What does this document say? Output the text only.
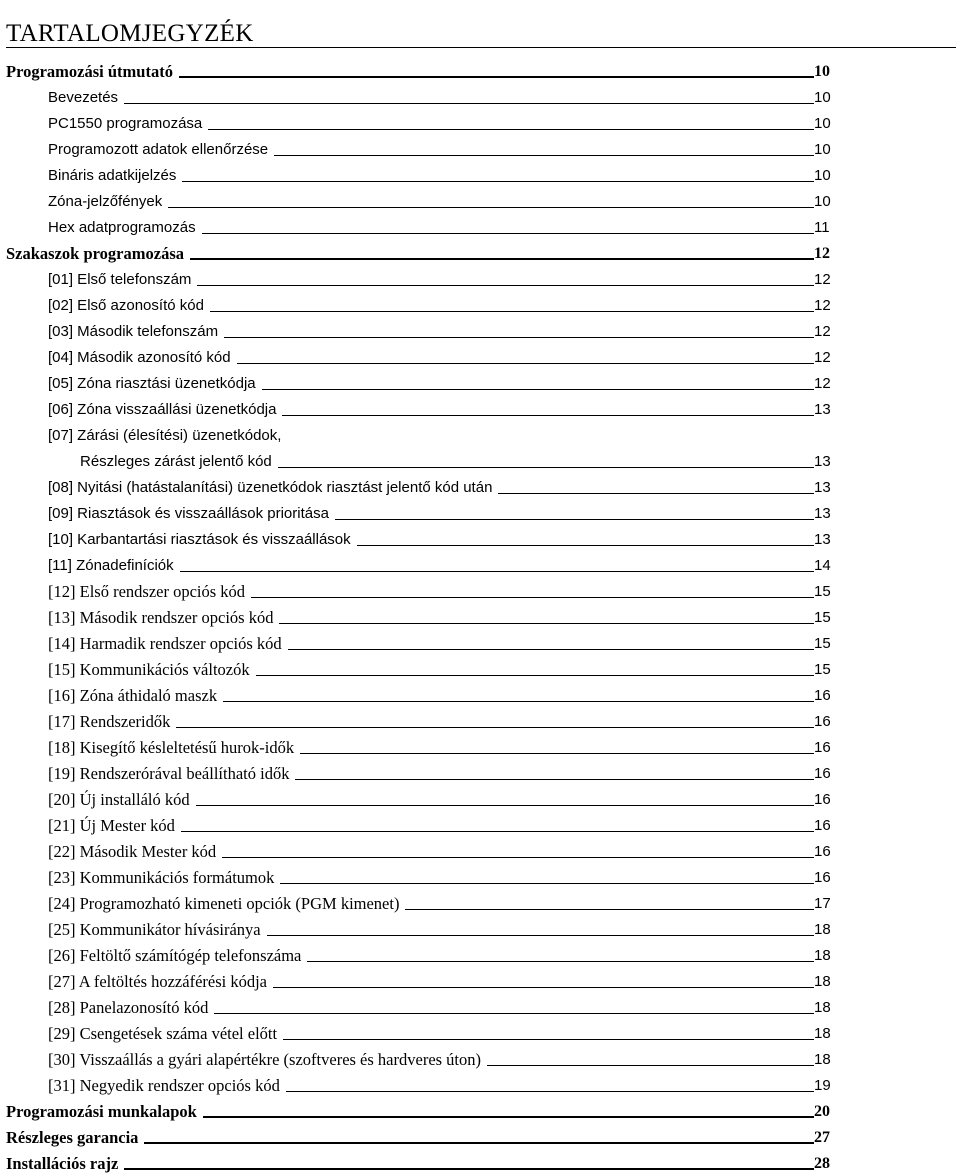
TARTALOMJEGYZÉK
Programozási útmutató	10
Bevezetés	10
PC1550 programozása	10
Programozott adatok ellenőrzése	10
Bináris adatkijelzés	10
Zóna-jelzőfények	10
Hex adatprogramozás	11
Szakaszok programozása	12
[01] Első telefonszám	12
[02] Első azonosító kód	12
[03] Második telefonszám	12
[04] Második azonosító kód	12
[05] Zóna riasztási üzenetkódja	12
[06] Zóna visszaállási üzenetkódja	13
[07] Zárási (élesítési) üzenetkódok,
Részleges zárást jelentő kód	13
[08] Nyitási (hatástalanítási) üzenetkódok riasztást jelentő kód után	13
[09] Riasztások és visszaállások prioritása	13
[10] Karbantartási riasztások és visszaállások	13
[11] Zónadefiníciók	14
[12] Első rendszer opciós kód	15
[13] Második rendszer opciós kód	15
[14] Harmadik rendszer opciós kód	15
[15] Kommunikációs változók	15
[16] Zóna áthidaló maszk	16
[17] Rendszeridők	16
[18] Kisegítő késleltetésű hurok-idők	16
[19] Rendszerórával beállítható idők	16
[20] Új installáló kód	16
[21] Új Mester kód	16
[22] Második Mester kód	16
[23] Kommunikációs formátumok	16
[24] Programozható kimeneti opciók (PGM kimenet)	17
[25] Kommunikátor hívásiránya	18
[26] Feltöltő számítógép telefonszáma	18
[27] A feltöltés hozzáférési kódja	18
[28] Panelazonosító kód	18
[29] Csengetések száma vétel előtt	18
[30] Visszaállás a gyári alapértékre (szoftveres és hardveres úton)	18
[31] Negyedik rendszer opciós kód	19
Programozási munkalapok	20
Részleges garancia	27
Installációs rajz	28
